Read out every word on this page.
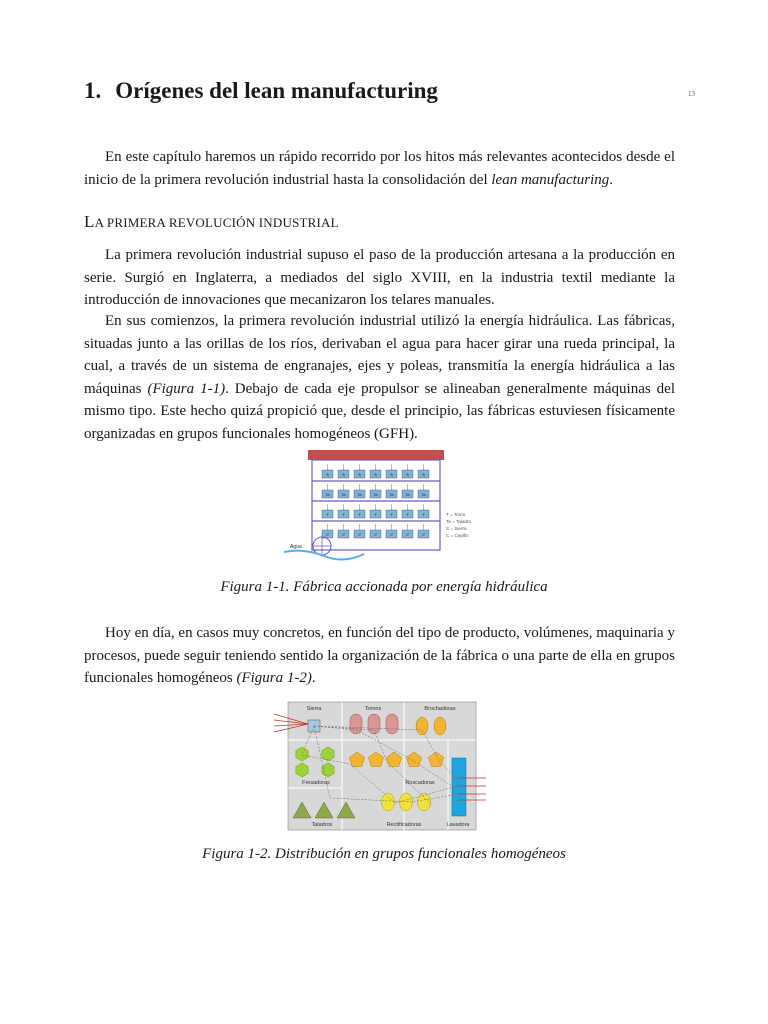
13
1. Orígenes del lean manufacturing

En este capítulo haremos un rápido recorrido por los hitos más relevantes acontecidos desde el inicio de la primera revolución industrial hasta la consolidación del lean manufacturing.

LA PRIMERA REVOLUCIÓN INDUSTRIAL

La primera revolución industrial supuso el paso de la producción artesana a la producción en serie. Surgió en Inglaterra, a mediados del siglo XVIII, en la industria textil mediante la introducción de innovaciones que mecanizaron los telares manuales.

En sus comienzos, la primera revolución industrial utilizó la energía hidráulica. Las fábricas, situadas junto a las orillas de los ríos, derivaban el agua para hacer girar una rueda principal, la cual, a través de un sistema de engranajes, ejes y poleas, transmitía la energía hidráulica a las máquinas (Figura 1-1). Debajo de cada eje propulsor se alineaban generalmente máquinas del mismo tipo. Este hecho quizá propició que, desde el principio, las fábricas estuviesen físicamente organizadas en grupos funcionales homogéneos (GFH).

S	S	S	S	S	S	S
Ta	Ta	Ta	Ta	Ta	Ta	Ta
T	T	T	T	T	T	T
C	C	C	C	C	C	C
Agua
T = Torno
Ta = Taladro
S = Sierra
C = Cepillo

Figura 1-1. Fábrica accionada por energía hidráulica

Hoy en día, en casos muy concretos, en función del tipo de producto, volúmenes, maquinaria y procesos, puede seguir teniendo sentido la organización de la fábrica o una parte de ella en grupos funcionales homogéneos (Figura 1-2).

Sierra	Tornos	Brochadoras
Fresadoras	Roscadoras
Taladros	Rectificadoras	Lavadora

Figura 1-2. Distribución en grupos funcionales homogéneos
